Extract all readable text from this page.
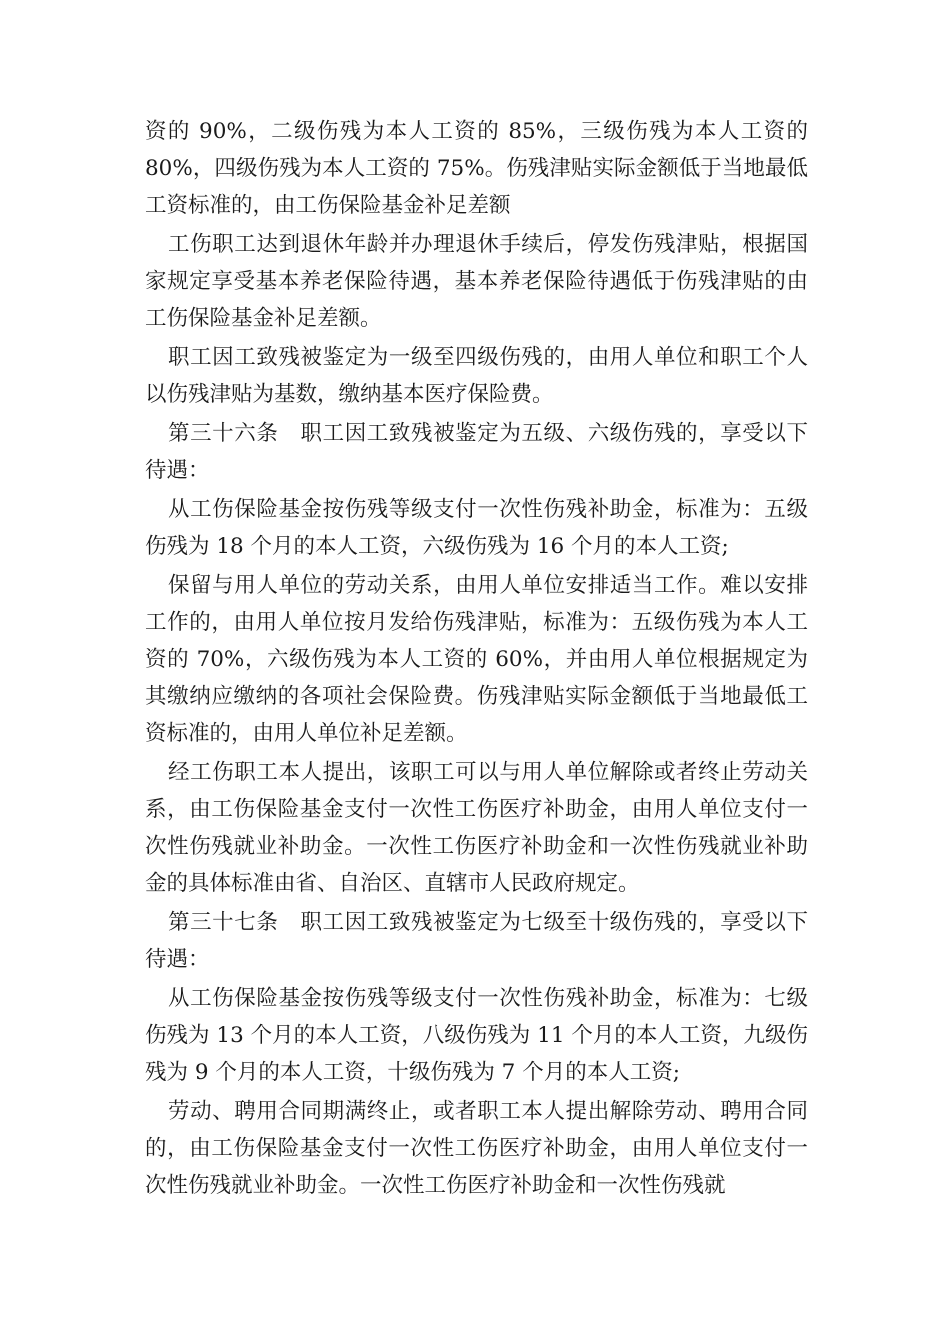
资的 90%，二级伤残为本人工资的 85%，三级伤残为本人工资的 80%，四级伤残为本人工资的 75%。伤残津贴实际金额低于当地最低工资标准的，由工伤保险基金补足差额

工伤职工达到退休年龄并办理退休手续后，停发伤残津贴，根据国家规定享受基本养老保险待遇，基本养老保险待遇低于伤残津贴的由工伤保险基金补足差额。

职工因工致残被鉴定为一级至四级伤残的，由用人单位和职工个人以伤残津贴为基数，缴纳基本医疗保险费。

第三十六条　职工因工致残被鉴定为五级、六级伤残的，享受以下待遇：

从工伤保险基金按伤残等级支付一次性伤残补助金，标准为：五级伤残为 18 个月的本人工资，六级伤残为 16 个月的本人工资;

保留与用人单位的劳动关系，由用人单位安排适当工作。难以安排工作的，由用人单位按月发给伤残津贴，标准为：五级伤残为本人工资的 70%，六级伤残为本人工资的 60%，并由用人单位根据规定为其缴纳应缴纳的各项社会保险费。伤残津贴实际金额低于当地最低工资标准的，由用人单位补足差额。

经工伤职工本人提出，该职工可以与用人单位解除或者终止劳动关系，由工伤保险基金支付一次性工伤医疗补助金，由用人单位支付一次性伤残就业补助金。一次性工伤医疗补助金和一次性伤残就业补助金的具体标准由省、自治区、直辖市人民政府规定。

第三十七条　职工因工致残被鉴定为七级至十级伤残的，享受以下待遇：

从工伤保险基金按伤残等级支付一次性伤残补助金，标准为：七级伤残为 13 个月的本人工资，八级伤残为 11 个月的本人工资，九级伤残为 9 个月的本人工资，十级伤残为 7 个月的本人工资;

劳动、聘用合同期满终止，或者职工本人提出解除劳动、聘用合同的，由工伤保险基金支付一次性工伤医疗补助金，由用人单位支付一次性伤残就业补助金。一次性工伤医疗补助金和一次性伤残就
